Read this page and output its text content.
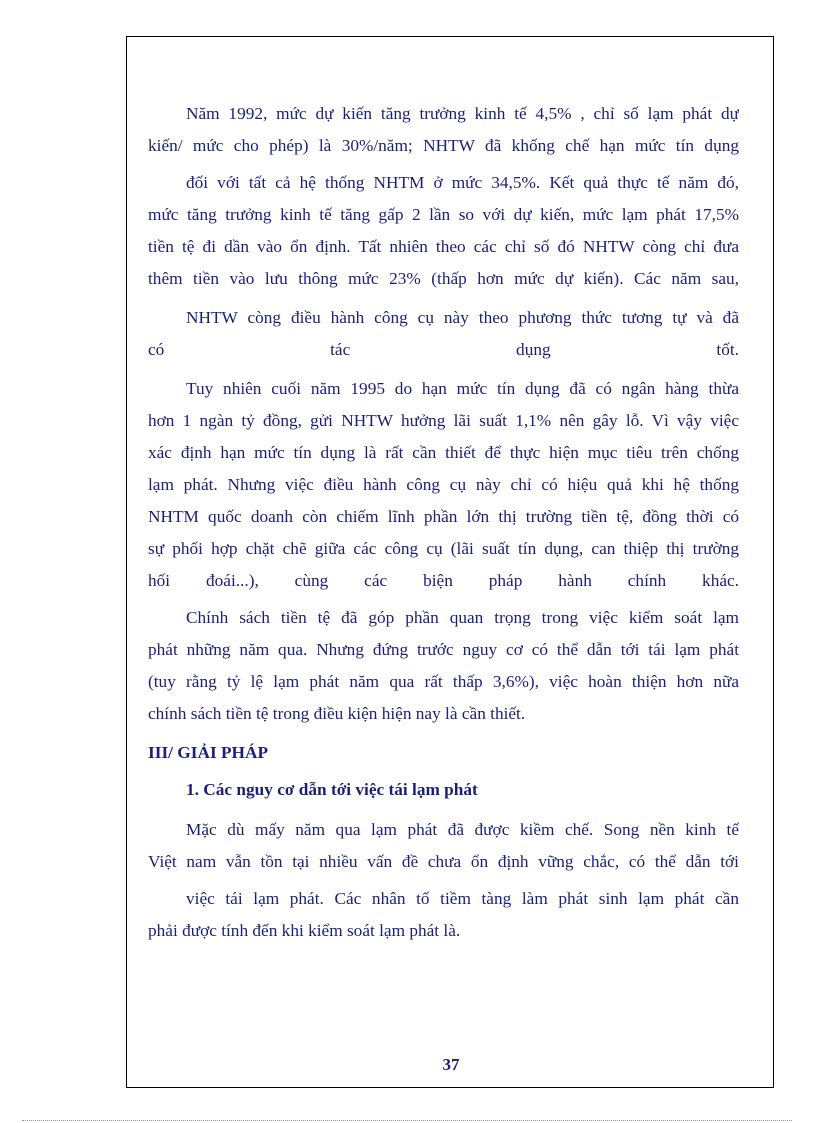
Năm 1992, mức dự kiến tăng trưởng kinh tế 4,5% , chỉ số lạm phát dự

kiến/ mức cho phép) là 30%/năm; NHTW đã khống chế hạn mức tín dụng

đối với tất cả hệ thống NHTM ở mức 34,5%. Kết quả thực tế năm đó,

mức tăng trưởng kinh tế tăng gấp 2 lần so với dự kiến, mức lạm phát 17,5%

tiền tệ đi dần vào ổn định. Tất nhiên theo các chỉ số đó NHTW còng chỉ đưa

thêm tiền vào lưu thông mức 23% (thấp hơn mức dự kiến). Các năm sau,

NHTW còng điều hành công cụ này theo phương thức tương tự và đã

có tác dụng tốt.

Tuy nhiên cuối năm 1995 do hạn mức tín dụng đã có ngân hàng thừa

hơn 1 ngàn tỷ đồng, gửi NHTW hưởng lãi suất 1,1% nên gây lỗ. Vì vậy việc

xác định hạn mức tín dụng là rất cần thiết để thực hiện mục tiêu trên chống

lạm phát. Nhưng việc điều hành công cụ này chỉ có hiệu quả khi hệ thống

NHTM quốc doanh còn chiếm lĩnh phần lớn thị trường tiền tệ, đồng thời có

sự phối hợp chặt chẽ giữa các công cụ (lãi suất tín dụng, can thiệp thị trường

hối đoái...), cùng các biện pháp hành chính khác.

Chính sách tiền tệ đã góp phần quan trọng trong việc kiểm soát lạm

phát những năm qua. Nhưng đứng trước nguy cơ có thể dẫn tới tái lạm phát

(tuy rằng tỷ lệ lạm phát năm qua rất thấp 3,6%), việc hoàn thiện hơn nữa

chính sách tiền tệ trong điều kiện hiện nay là cần thiết.

III/ GIẢI PHÁP

1. Các nguy cơ dẫn tới việc tái lạm phát

Mặc dù mấy năm qua lạm phát đã được kiềm chế. Song nền kinh tế

Việt nam vẫn tồn tại nhiều vấn đề chưa ổn định vững chắc, có thể dẫn tới

việc tái lạm phát. Các nhân tố tiềm tàng làm phát sinh lạm phát cần

phải được tính đến khi kiểm soát lạm phát là.

37
